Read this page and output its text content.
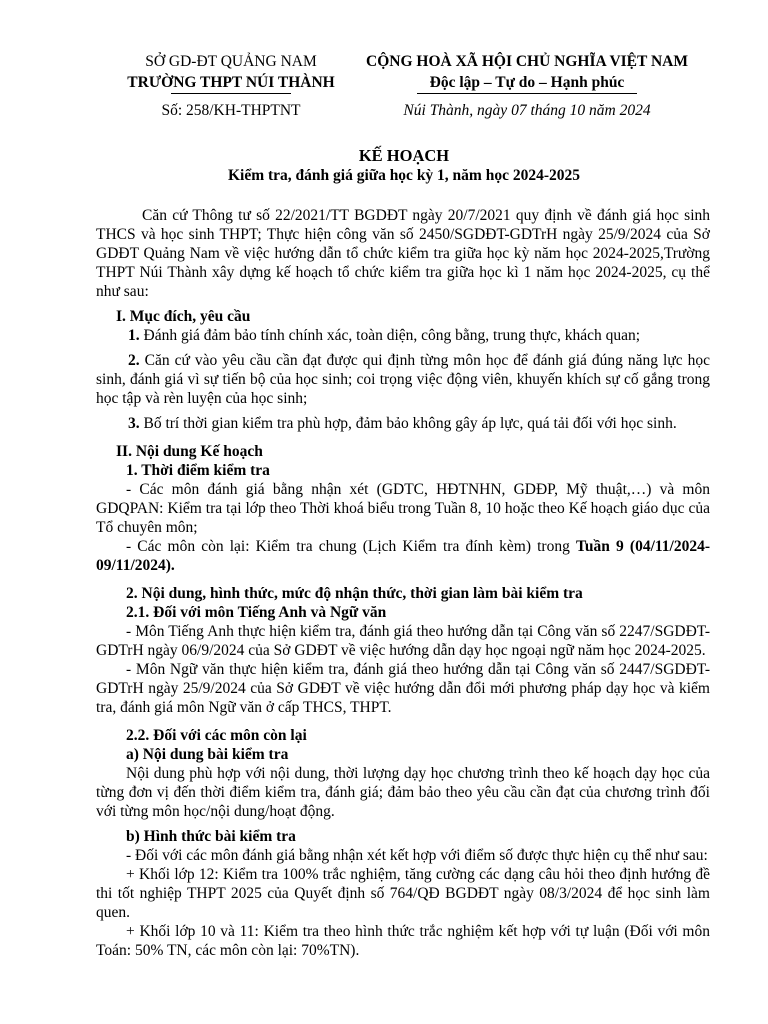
SỞ GD-ĐT QUẢNG NAM
TRƯỜNG THPT NÚI THÀNH
CỘNG HOÀ XÃ HỘI CHỦ NGHĨA VIỆT NAM
Độc lập – Tự do – Hạnh phúc
Số: 258/KH-THPTNT	Núi Thành, ngày 07 tháng 10 năm 2024
KẾ HOẠCH
Kiểm tra, đánh giá giữa học kỳ 1, năm học 2024-2025

Căn cứ Thông tư số 22/2021/TT BGDĐT ngày 20/7/2021 quy định về đánh giá học sinh THCS và học sinh THPT; Thực hiện công văn số 2450/SGDĐT-GDTrH ngày 25/9/2024 của Sở GDĐT Quảng Nam về việc hướng dẫn tổ chức kiểm tra giữa học kỳ năm học 2024-2025,Trường THPT Núi Thành xây dựng kế hoạch tổ chức kiểm tra giữa học kì 1 năm học 2024-2025, cụ thể như sau:

I. Mục đích, yêu cầu

1. Đánh giá đảm bảo tính chính xác, toàn diện, công bằng, trung thực, khách quan;

2. Căn cứ vào yêu cầu cần đạt được qui định từng môn học để đánh giá đúng năng lực học sinh, đánh giá vì sự tiến bộ của học sinh; coi trọng việc động viên, khuyến khích sự cố gắng trong học tập và rèn luyện của học sinh;

3. Bố trí thời gian kiểm tra phù hợp, đảm bảo không gây áp lực, quá tải đối với học sinh.

II. Nội dung Kế hoạch

1. Thời điểm kiểm tra

- Các môn đánh giá bằng nhận xét (GDTC, HĐTNHN, GDĐP, Mỹ thuật,…) và môn GDQPAN: Kiểm tra tại lớp theo Thời khoá biểu trong Tuần 8, 10 hoặc theo Kế hoạch giáo dục của Tổ chuyên môn;

- Các môn còn lại: Kiểm tra chung (Lịch Kiểm tra đính kèm) trong Tuần 9 (04/11/2024-09/11/2024).

2. Nội dung, hình thức, mức độ nhận thức, thời gian làm bài kiểm tra

2.1. Đối với môn Tiếng Anh và Ngữ văn

- Môn Tiếng Anh thực hiện kiểm tra, đánh giá theo hướng dẫn tại Công văn số 2247/SGDĐT-GDTrH ngày 06/9/2024 của Sở GDĐT về việc hướng dẫn dạy học ngoại ngữ năm học 2024-2025.

- Môn Ngữ văn thực hiện kiểm tra, đánh giá theo hướng dẫn tại Công văn số 2447/SGDĐT-GDTrH ngày 25/9/2024 của Sở GDĐT về việc hướng dẫn đổi mới phương pháp dạy học và kiểm tra, đánh giá môn Ngữ văn ở cấp THCS, THPT.

2.2. Đối với các môn còn lại

a) Nội dung bài kiểm tra

Nội dung phù hợp với nội dung, thời lượng dạy học chương trình theo kế hoạch dạy học của từng đơn vị đến thời điểm kiểm tra, đánh giá; đảm bảo theo yêu cầu cần đạt của chương trình đối với từng môn học/nội dung/hoạt động.

b) Hình thức bài kiểm tra

- Đối với các môn đánh giá bằng nhận xét kết hợp với điểm số được thực hiện cụ thể như sau:

+ Khối lớp 12: Kiểm tra 100% trắc nghiệm, tăng cường các dạng câu hỏi theo định hướng đề thi tốt nghiệp THPT 2025 của Quyết định số 764/QĐ BGDĐT ngày 08/3/2024 để học sinh làm quen.

+ Khối lớp 10 và 11: Kiểm tra theo hình thức trắc nghiệm kết hợp với tự luận (Đối với môn Toán: 50% TN, các môn còn lại: 70%TN).
